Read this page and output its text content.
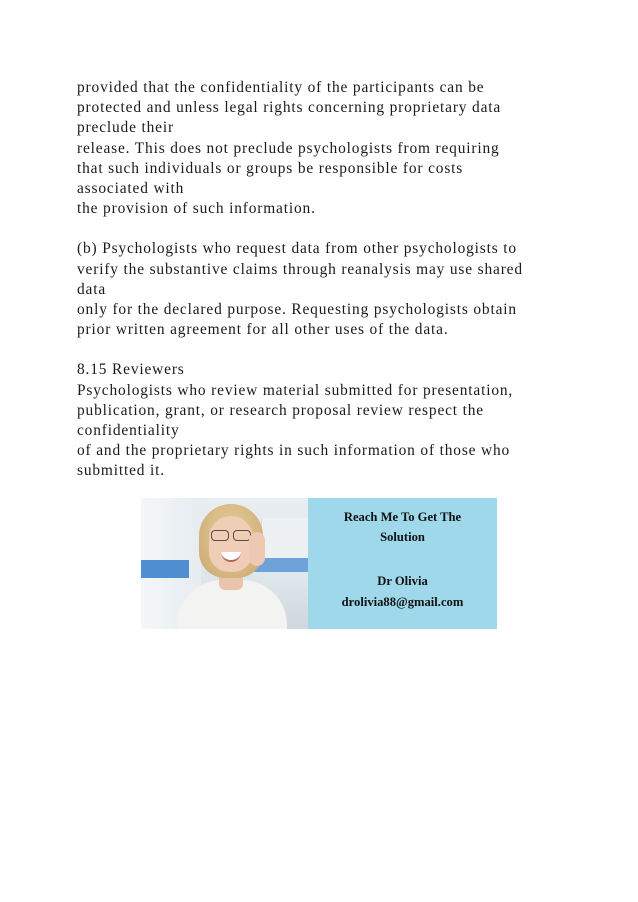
provided that the confidentiality of the participants can be
protected and unless legal rights concerning proprietary data
preclude their
release. This does not preclude psychologists from requiring
that such individuals or groups be responsible for costs
associated with
the provision of such information.
(b) Psychologists who request data from other psychologists to
verify the substantive claims through reanalysis may use shared
data
only for the declared purpose. Requesting psychologists obtain
prior written agreement for all other uses of the data.
8.15 Reviewers
Psychologists who review material submitted for presentation,
publication, grant, or research proposal review respect the
confidentiality
of and the proprietary rights in such information of those who
submitted it.
Reach Me To Get The
Solution
Dr Olivia
drolivia88@gmail.com
